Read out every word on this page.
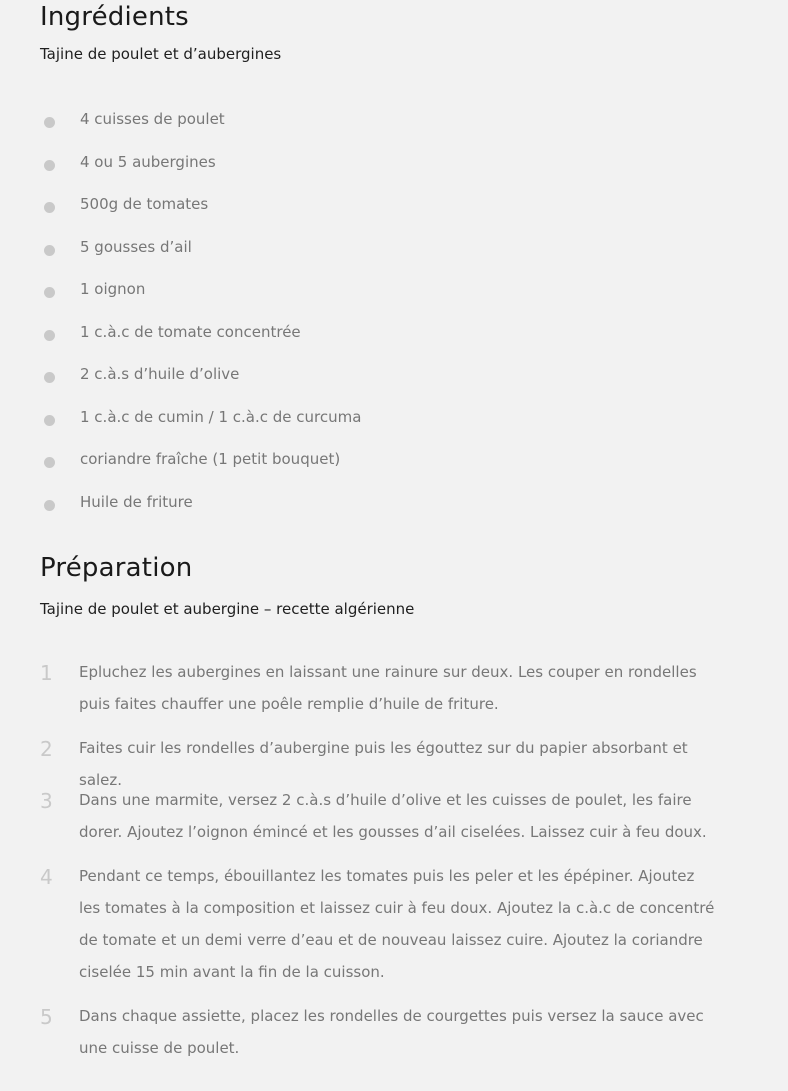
Ingrédients

Tajine de poulet et d’aubergines

4 cuisses de poulet
4 ou 5 aubergines
500g de tomates
5 gousses d’ail
1 oignon
1 c.à.c de tomate concentrée
2 c.à.s d’huile d’olive
1 c.à.c de cumin / 1 c.à.c de curcuma
coriandre fraîche (1 petit bouquet)
Huile de friture
Préparation

Tajine de poulet et aubergine – recette algérienne

1 Epluchez les aubergines en laissant une rainure sur deux. Les couper en rondelles puis faites chauffer une poêle remplie d’huile de friture.
2 Faites cuir les rondelles d’aubergine puis les égouttez sur du papier absorbant et salez.
3 Dans une marmite, versez 2 c.à.s d’huile d’olive et les cuisses de poulet, les faire dorer. Ajoutez l’oignon émincé et les gousses d’ail ciselées. Laissez cuir à feu doux.
4 Pendant ce temps, ébouillantez les tomates puis les peler et les épépiner. Ajoutez les tomates à la composition et laissez cuir à feu doux. Ajoutez la c.à.c de concentré de tomate et un demi verre d’eau et de nouveau laissez cuire. Ajoutez la coriandre ciselée 15 min avant la fin de la cuisson.
5 Dans chaque assiette, placez les rondelles de courgettes puis versez la sauce avec une cuisse de poulet.
